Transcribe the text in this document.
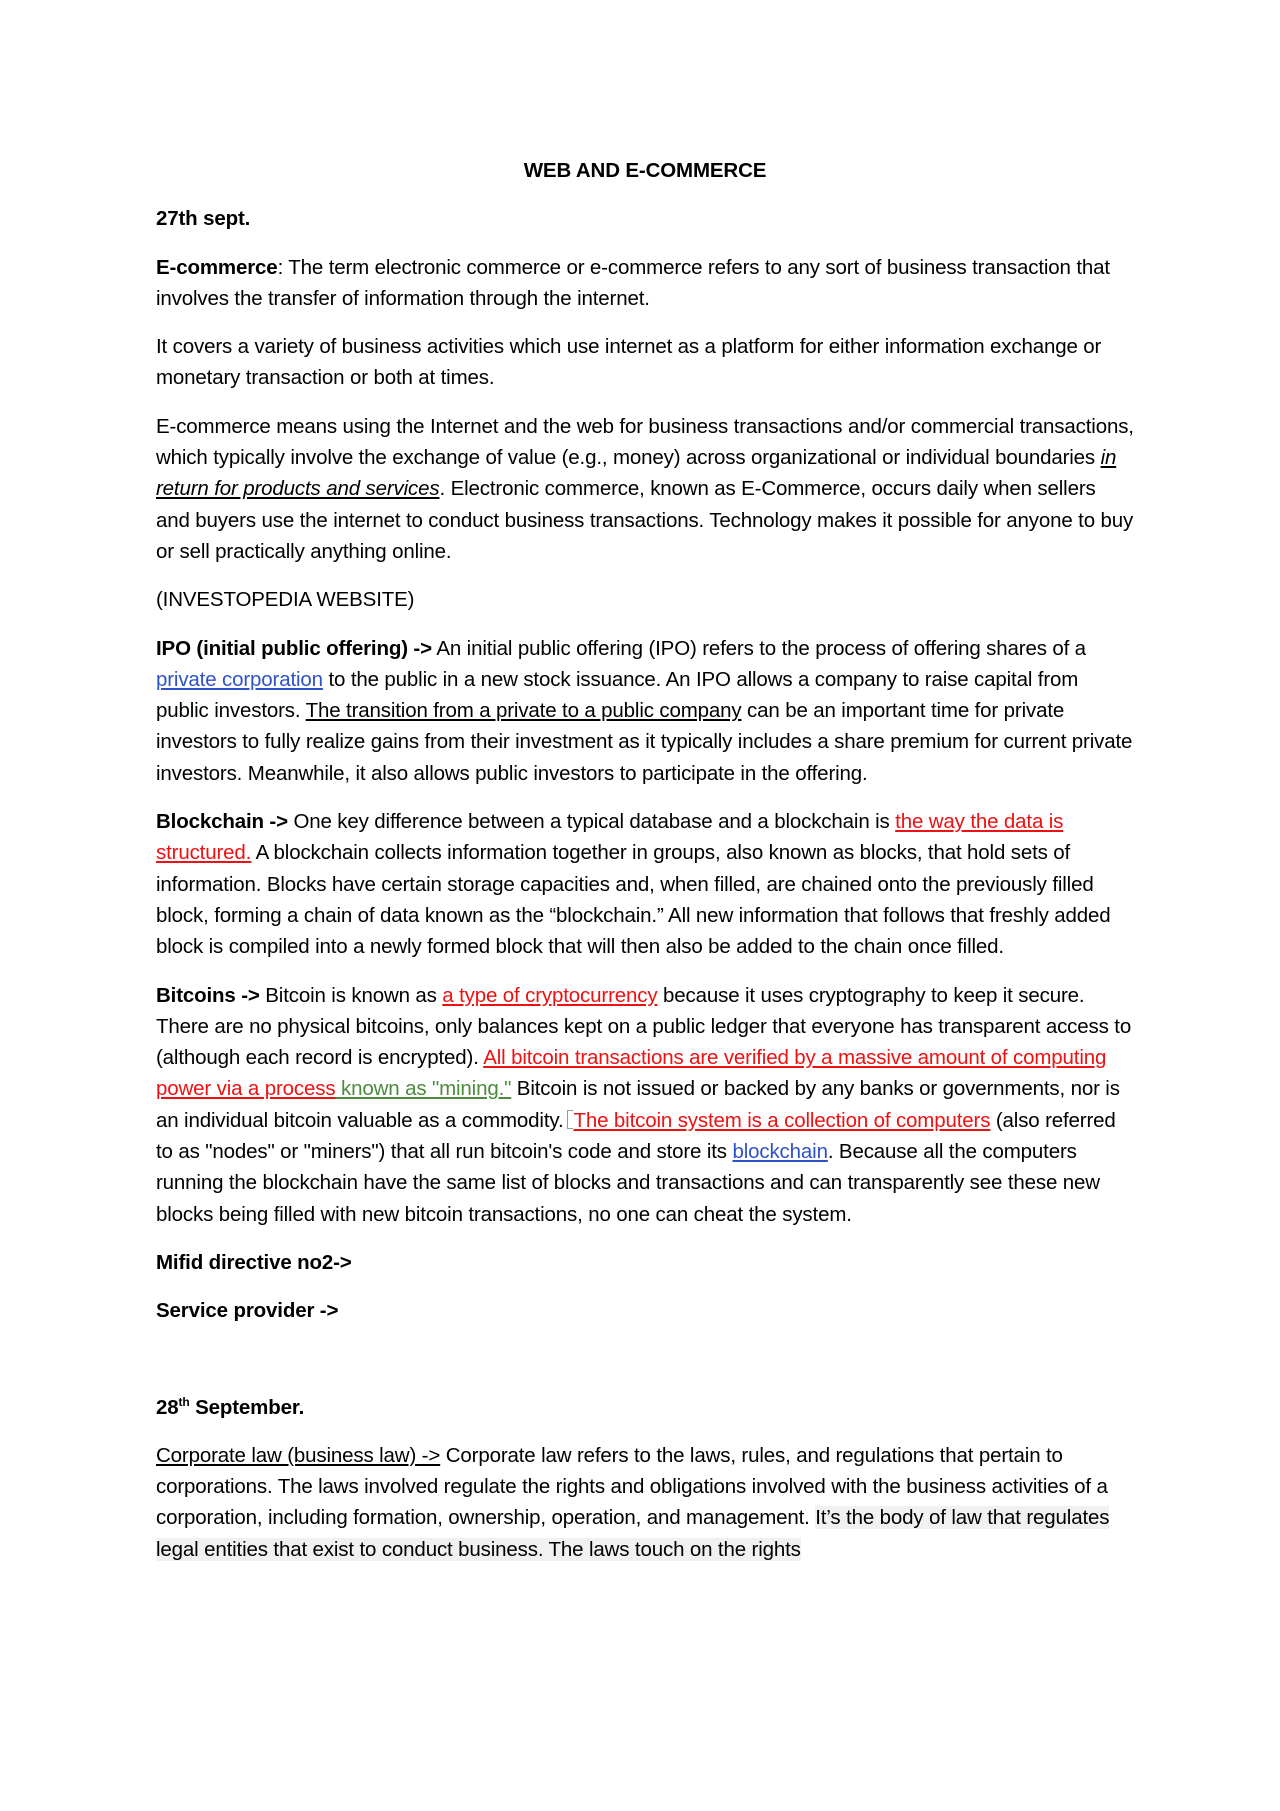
WEB AND E-COMMERCE

27th sept.

E-commerce: The term electronic commerce or e-commerce refers to any sort of business transaction that involves the transfer of information through the internet.

It covers a variety of business activities which use internet as a platform for either information exchange or monetary transaction or both at times.

E-commerce means using the Internet and the web for business transactions and/or commercial transactions, which typically involve the exchange of value (e.g., money) across organizational or individual boundaries in return for products and services. Electronic commerce, known as E-Commerce, occurs daily when sellers and buyers use the internet to conduct business transactions. Technology makes it possible for anyone to buy or sell practically anything online.

(INVESTOPEDIA WEBSITE)

IPO (initial public offering) -> An initial public offering (IPO) refers to the process of offering shares of a private corporation to the public in a new stock issuance. An IPO allows a company to raise capital from public investors. The transition from a private to a public company can be an important time for private investors to fully realize gains from their investment as it typically includes a share premium for current private investors. Meanwhile, it also allows public investors to participate in the offering.

Blockchain -> One key difference between a typical database and a blockchain is the way the data is structured. A blockchain collects information together in groups, also known as blocks, that hold sets of information. Blocks have certain storage capacities and, when filled, are chained onto the previously filled block, forming a chain of data known as the “blockchain.” All new information that follows that freshly added block is compiled into a newly formed block that will then also be added to the chain once filled.

Bitcoins -> Bitcoin is known as a type of cryptocurrency because it uses cryptography to keep it secure. There are no physical bitcoins, only balances kept on a public ledger that everyone has transparent access to (although each record is encrypted). All bitcoin transactions are verified by a massive amount of computing power via a process known as "mining." Bitcoin is not issued or backed by any banks or governments, nor is an individual bitcoin valuable as a commodity. The bitcoin system is a collection of computers (also referred to as "nodes" or "miners") that all run bitcoin's code and store its blockchain. Because all the computers running the blockchain have the same list of blocks and transactions and can transparently see these new blocks being filled with new bitcoin transactions, no one can cheat the system.

Mifid directive no2->

Service provider ->

28th September.

Corporate law (business law) -> Corporate law refers to the laws, rules, and regulations that pertain to corporations. The laws involved regulate the rights and obligations involved with the business activities of a corporation, including formation, ownership, operation, and management. It’s the body of law that regulates legal entities that exist to conduct business. The laws touch on the rights
